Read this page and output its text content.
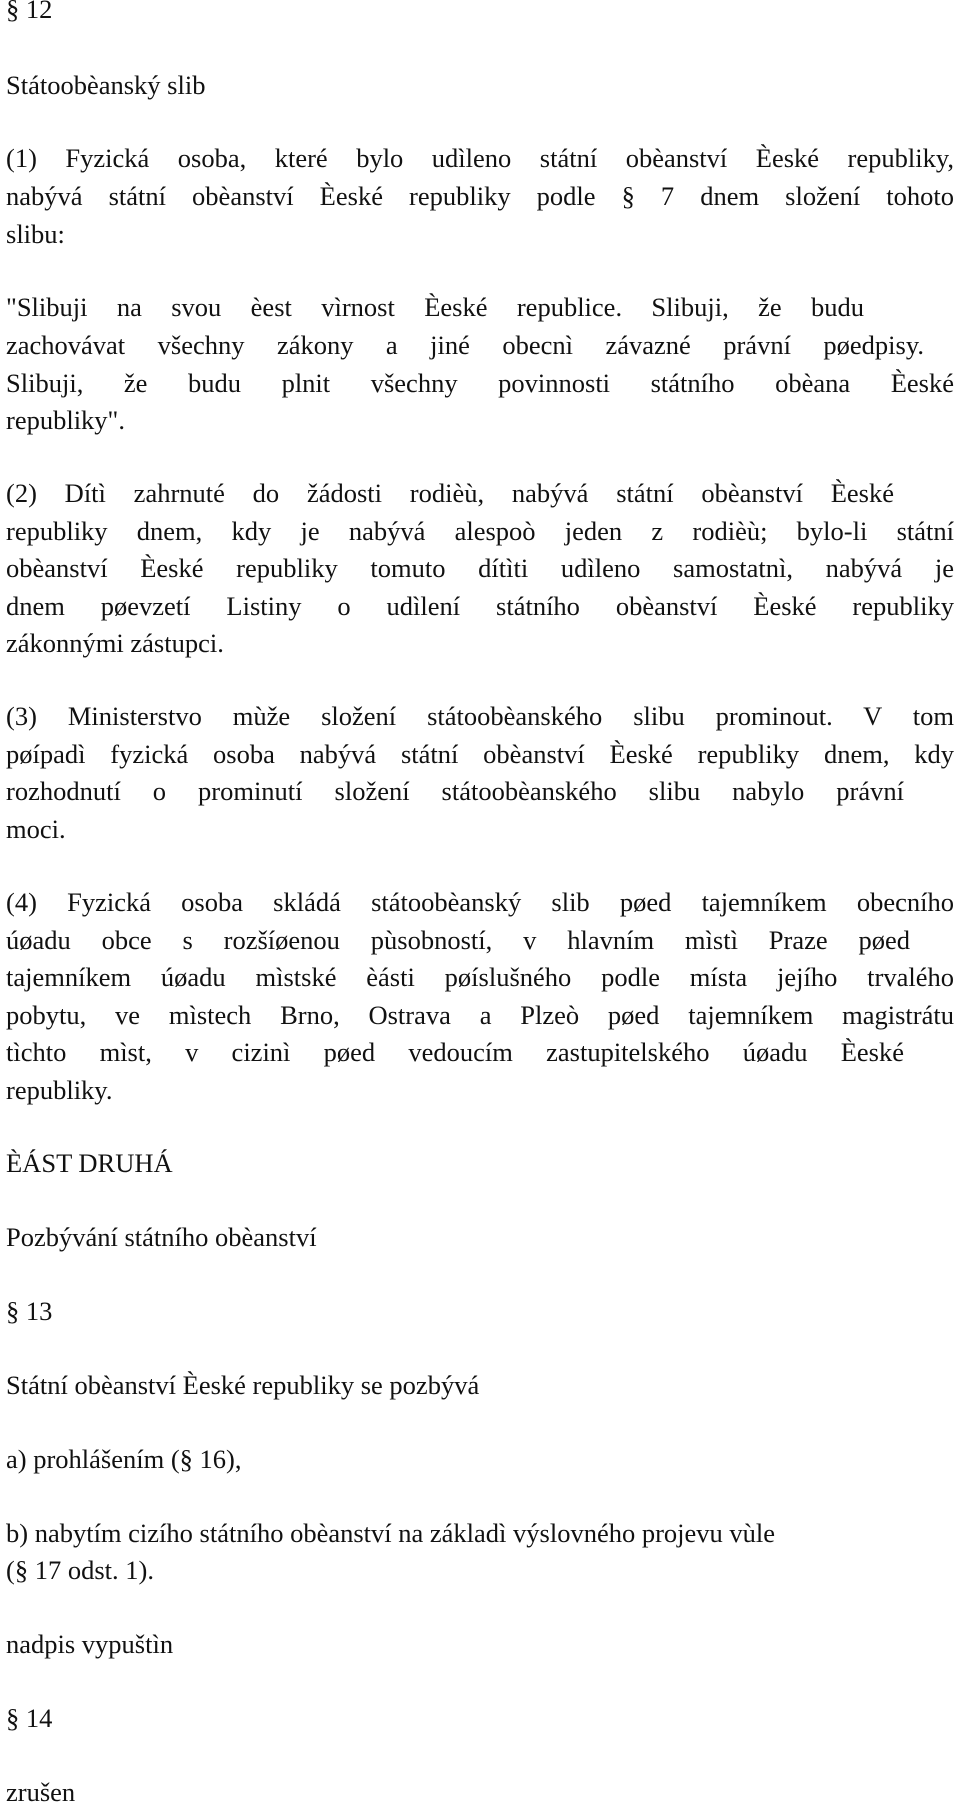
§ 12

Státoobèanský slib

(1) Fyzická osoba, které bylo udìleno státní obèanství Èeské republiky,

nabývá státní obèanství Èeské republiky podle § 7 dnem složení tohoto

slibu:

"Slibuji na svou èest vìrnost Èeské republice. Slibuji, že budu

zachovávat všechny zákony a jiné obecnì závazné právní pøedpisy.

Slibuji, že budu plnit všechny povinnosti státního obèana Èeské

republiky".

(2) Dítì zahrnuté do žádosti rodièù, nabývá státní obèanství Èeské

republiky dnem, kdy je nabývá alespoò jeden z rodièù; bylo-li státní

obèanství Èeské republiky tomuto dítìti udìleno samostatnì, nabývá je

dnem pøevzetí Listiny o udìlení státního obèanství Èeské republiky

zákonnými zástupci.

(3) Ministerstvo mùže složení státoobèanského slibu prominout. V tom

pøípadì fyzická osoba nabývá státní obèanství Èeské republiky dnem, kdy

rozhodnutí o prominutí složení státoobèanského slibu nabylo právní

moci.

(4) Fyzická osoba skládá státoobèanský slib pøed tajemníkem obecního

úøadu obce s rozšíøenou pùsobností, v hlavním mìstì Praze pøed

tajemníkem úøadu mìstské èásti pøíslušného podle místa jejího trvalého

pobytu, ve mìstech Brno, Ostrava a Plzeò pøed tajemníkem magistrátu

tìchto mìst, v cizinì pøed vedoucím zastupitelského úøadu Èeské

republiky.

ÈÁST DRUHÁ

Pozbývání státního obèanství

§ 13

Státní obèanství Èeské republiky se pozbývá

a) prohlášením (§ 16),

b) nabytím cizího státního obèanství na základì výslovného projevu vùle

(§ 17 odst. 1).

nadpis vypuštìn

§ 14

zrušen
